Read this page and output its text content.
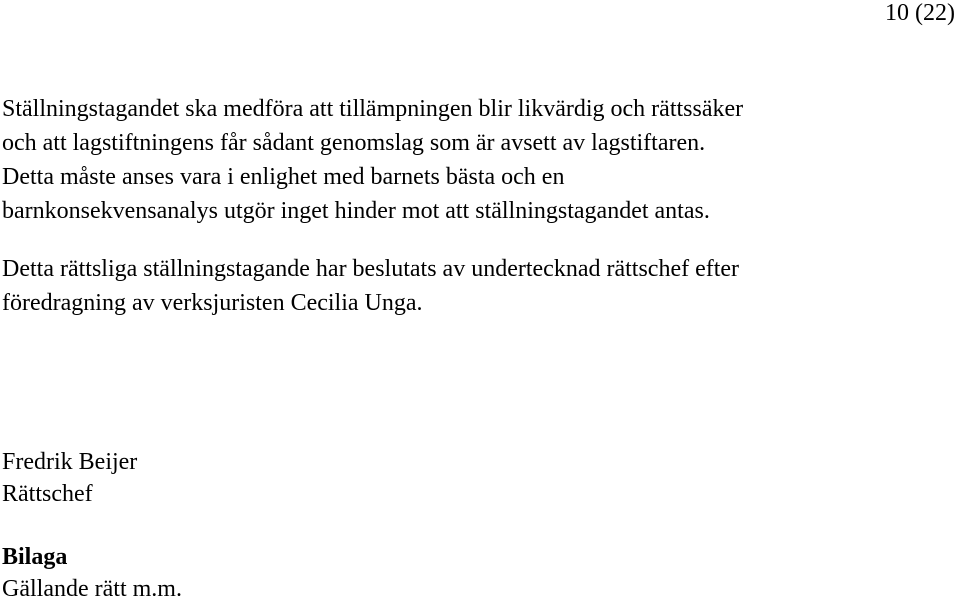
10 (22)
Ställningstagandet ska medföra att tillämpningen blir likvärdig och rättssäker
och att lagstiftningens får sådant genomslag som är avsett av lagstiftaren.
Detta måste anses vara i enlighet med barnets bästa och en
barnkonsekvensanalys utgör inget hinder mot att ställningstagandet antas.
Detta rättsliga ställningstagande har beslutats av undertecknad rättschef efter
föredragning av verksjuristen Cecilia Unga.
Fredrik Beijer
Rättschef
Bilaga
Gällande rätt m.m.
